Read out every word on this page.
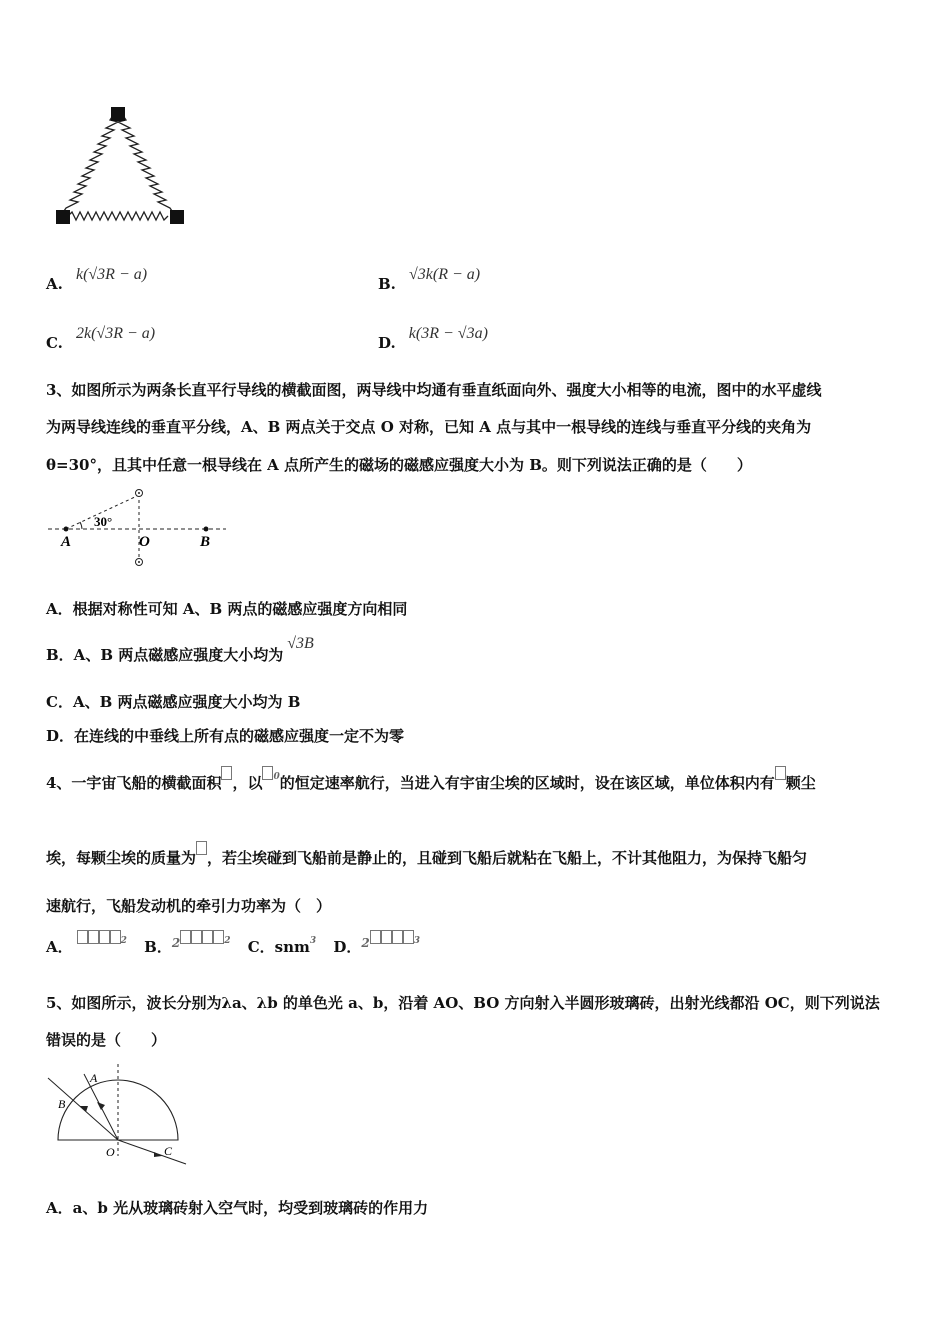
A. k(√3R − a)
B. √3k(R − a)
C. 2k(√3R − a)
D. k(3R − √3a)
3、如图所示为两条长直平行导线的横截面图，两导线中均通有垂直纸面向外、强度大小相等的电流，图中的水平虚线
为两导线连线的垂直平分线，A、B 两点关于交点 O 对称，已知 A 点与其中一根导线的连线与垂直平分线的夹角为
θ=30°，且其中任意一根导线在 A 点所产生的磁场的磁感应强度大小为 B。则下列说法正确的是（　　）
30°
A	O	B
A．根据对称性可知 A、B 两点的磁感应强度方向相同
B．A、B 两点磁感应强度大小均为√3B
C．A、B 两点磁感应强度大小均为 B
D．在连线的中垂线上所有点的磁感应强度一定不为零
4、一宇宙飞船的横截面积 ，以 $^0$的恒定速率航行，当进入有宇宙尘埃的区域时，设在该区域，单位体积内有 颗尘
埃，每颗尘埃的质量为 ，若尘埃碰到飞船前是静止的，且碰到飞船后就粘在飞船上，不计其他阻力，为保持飞船匀
速航行，飞船发动机的牵引力功率为（　）
A．	$^2$ B．$^2$	$^2$ C．snm$^3$ D．$^2$	$^3$
5、如图所示，波长分别为λa、λb 的单色光 a、b，沿着 AO、BO 方向射入半圆形玻璃砖，出射光线都沿 OC，则下列说法
错误的是（　　）
A
B
O	C
A．a、b 光从玻璃砖射入空气时，均受到玻璃砖的作用力
